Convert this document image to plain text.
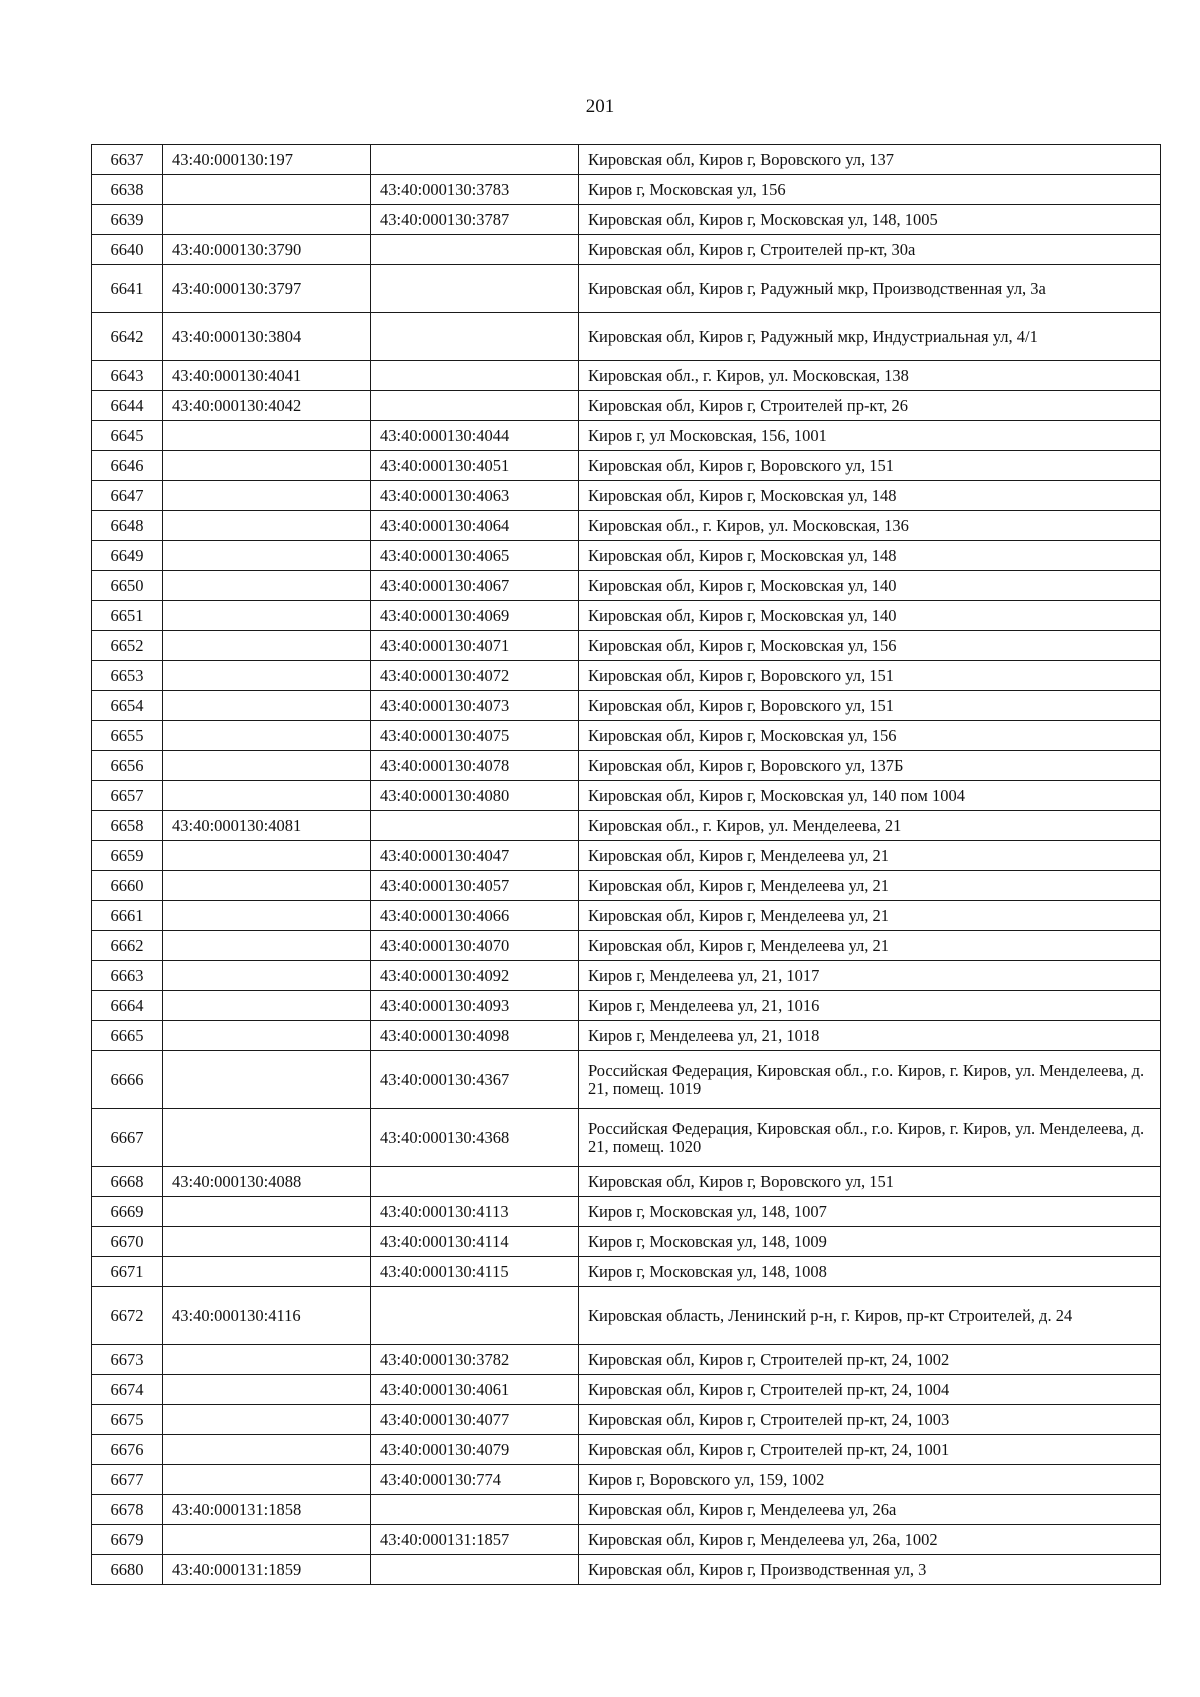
201
6637	43:40:000130:197		Кировская обл, Киров г, Воровского ул, 137
6638		43:40:000130:3783	Киров г, Московская ул, 156
6639		43:40:000130:3787	Кировская обл, Киров г, Московская ул, 148, 1005
6640	43:40:000130:3790		Кировская обл, Киров г, Строителей пр-кт, 30а
6641	43:40:000130:3797		Кировская обл, Киров г, Радужный мкр, Производственная ул, 3а
6642	43:40:000130:3804		Кировская обл, Киров г, Радужный мкр, Индустриальная ул, 4/1
6643	43:40:000130:4041		Кировская обл., г. Киров, ул. Московская, 138
6644	43:40:000130:4042		Кировская обл, Киров г, Строителей пр-кт, 26
6645		43:40:000130:4044	Киров г, ул Московская, 156, 1001
6646		43:40:000130:4051	Кировская обл, Киров г, Воровского ул, 151
6647		43:40:000130:4063	Кировская обл, Киров г, Московская ул, 148
6648		43:40:000130:4064	Кировская обл., г. Киров, ул. Московская, 136
6649		43:40:000130:4065	Кировская обл, Киров г, Московская ул, 148
6650		43:40:000130:4067	Кировская обл, Киров г, Московская ул, 140
6651		43:40:000130:4069	Кировская обл, Киров г, Московская ул, 140
6652		43:40:000130:4071	Кировская обл, Киров г, Московская ул, 156
6653		43:40:000130:4072	Кировская обл, Киров г, Воровского ул, 151
6654		43:40:000130:4073	Кировская обл, Киров г, Воровского ул, 151
6655		43:40:000130:4075	Кировская обл, Киров г, Московская ул, 156
6656		43:40:000130:4078	Кировская обл, Киров г, Воровского ул, 137Б
6657		43:40:000130:4080	Кировская обл, Киров г, Московская ул, 140 пом 1004
6658	43:40:000130:4081		Кировская обл., г. Киров, ул. Менделеева, 21
6659		43:40:000130:4047	Кировская обл, Киров г, Менделеева ул, 21
6660		43:40:000130:4057	Кировская обл, Киров г, Менделеева ул, 21
6661		43:40:000130:4066	Кировская обл, Киров г, Менделеева ул, 21
6662		43:40:000130:4070	Кировская обл, Киров г, Менделеева ул, 21
6663		43:40:000130:4092	Киров г, Менделеева ул, 21, 1017
6664		43:40:000130:4093	Киров г, Менделеева ул, 21, 1016
6665		43:40:000130:4098	Киров г, Менделеева ул, 21, 1018
6666		43:40:000130:4367	Российская Федерация, Кировская обл., г.о. Киров, г. Киров, ул. Менделеева, д. 21, помещ. 1019
6667		43:40:000130:4368	Российская Федерация, Кировская обл., г.о. Киров, г. Киров, ул. Менделеева, д. 21, помещ. 1020
6668	43:40:000130:4088		Кировская обл, Киров г, Воровского ул, 151
6669		43:40:000130:4113	Киров г, Московская ул, 148, 1007
6670		43:40:000130:4114	Киров г, Московская ул, 148, 1009
6671		43:40:000130:4115	Киров г, Московская ул, 148, 1008
6672	43:40:000130:4116		Кировская область, Ленинский р-н, г. Киров, пр-кт Строителей, д. 24
6673		43:40:000130:3782	Кировская обл, Киров г, Строителей пр-кт, 24, 1002
6674		43:40:000130:4061	Кировская обл, Киров г, Строителей пр-кт, 24, 1004
6675		43:40:000130:4077	Кировская обл, Киров г, Строителей пр-кт, 24, 1003
6676		43:40:000130:4079	Кировская обл, Киров г, Строителей пр-кт, 24, 1001
6677		43:40:000130:774	Киров г, Воровского ул, 159, 1002
6678	43:40:000131:1858		Кировская обл, Киров г, Менделеева ул, 26а
6679		43:40:000131:1857	Кировская обл, Киров г, Менделеева ул, 26а, 1002
6680	43:40:000131:1859		Кировская обл, Киров г, Производственная ул, 3
